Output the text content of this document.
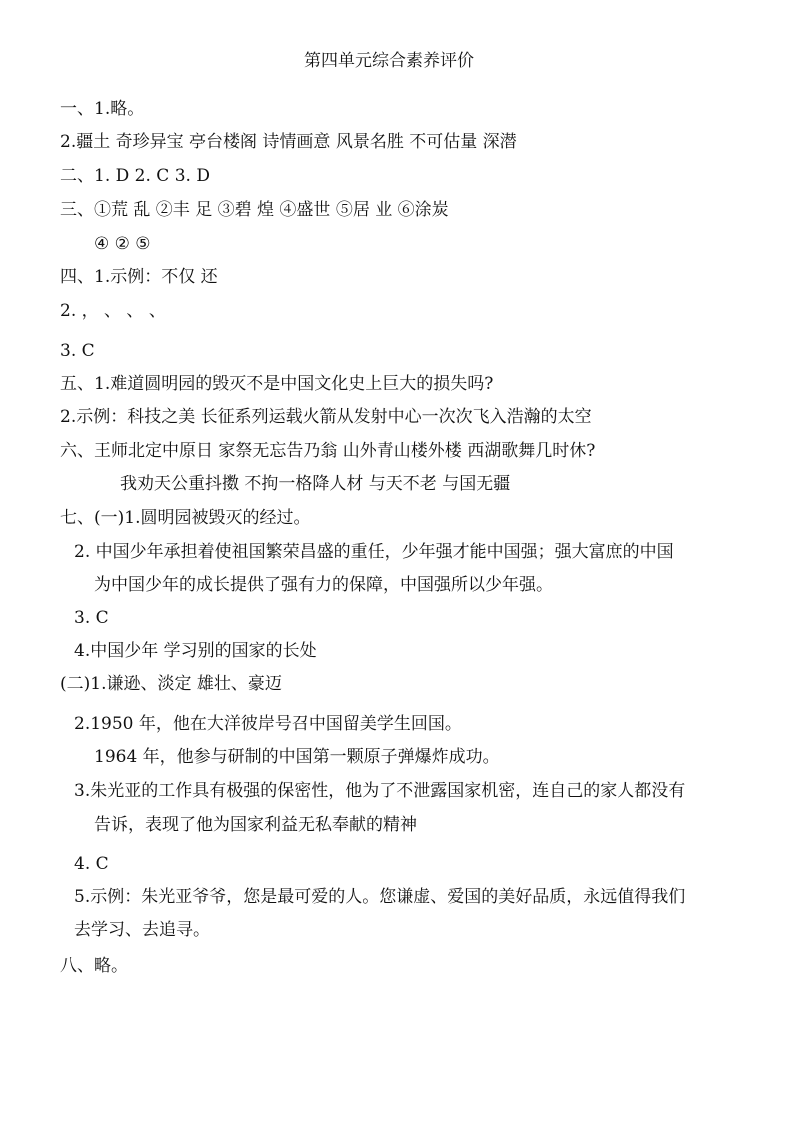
第四单元综合素养评价
一、1.略。
2.疆土 奇珍异宝 亭台楼阁 诗情画意 风景名胜 不可估量 深潜
二、1. D 2. C 3. D
三、①荒 乱 ②丰 足 ③碧 煌 ④盛世 ⑤居 业 ⑥涂炭
④ ② ⑤
四、1.示例：不仅 还
2. ， 、 、 、
3. C
五、1.难道圆明园的毁灭不是中国文化史上巨大的损失吗?
2.示例：科技之美 长征系列运载火箭从发射中心一次次飞入浩瀚的太空
六、王师北定中原日 家祭无忘告乃翁 山外青山楼外楼 西湖歌舞几时休?
我劝天公重抖擞 不拘一格降人材 与天不老 与国无疆
七、(一)1.圆明园被毁灭的经过。
2. 中国少年承担着使祖国繁荣昌盛的重任，少年强才能中国强；强大富庶的中国
为中国少年的成长提供了强有力的保障，中国强所以少年强。
3. C
4.中国少年 学习别的国家的长处
(二)1.谦逊、淡定 雄壮、豪迈
2.1950 年，他在大洋彼岸号召中国留美学生回国。
1964 年，他参与研制的中国第一颗原子弹爆炸成功。
3.朱光亚的工作具有极强的保密性，他为了不泄露国家机密，连自己的家人都没有
告诉，表现了他为国家利益无私奉献的精神
4. C
5.示例：朱光亚爷爷，您是最可爱的人。您谦虚、爱国的美好品质，永远值得我们
去学习、去追寻。
八、略。
